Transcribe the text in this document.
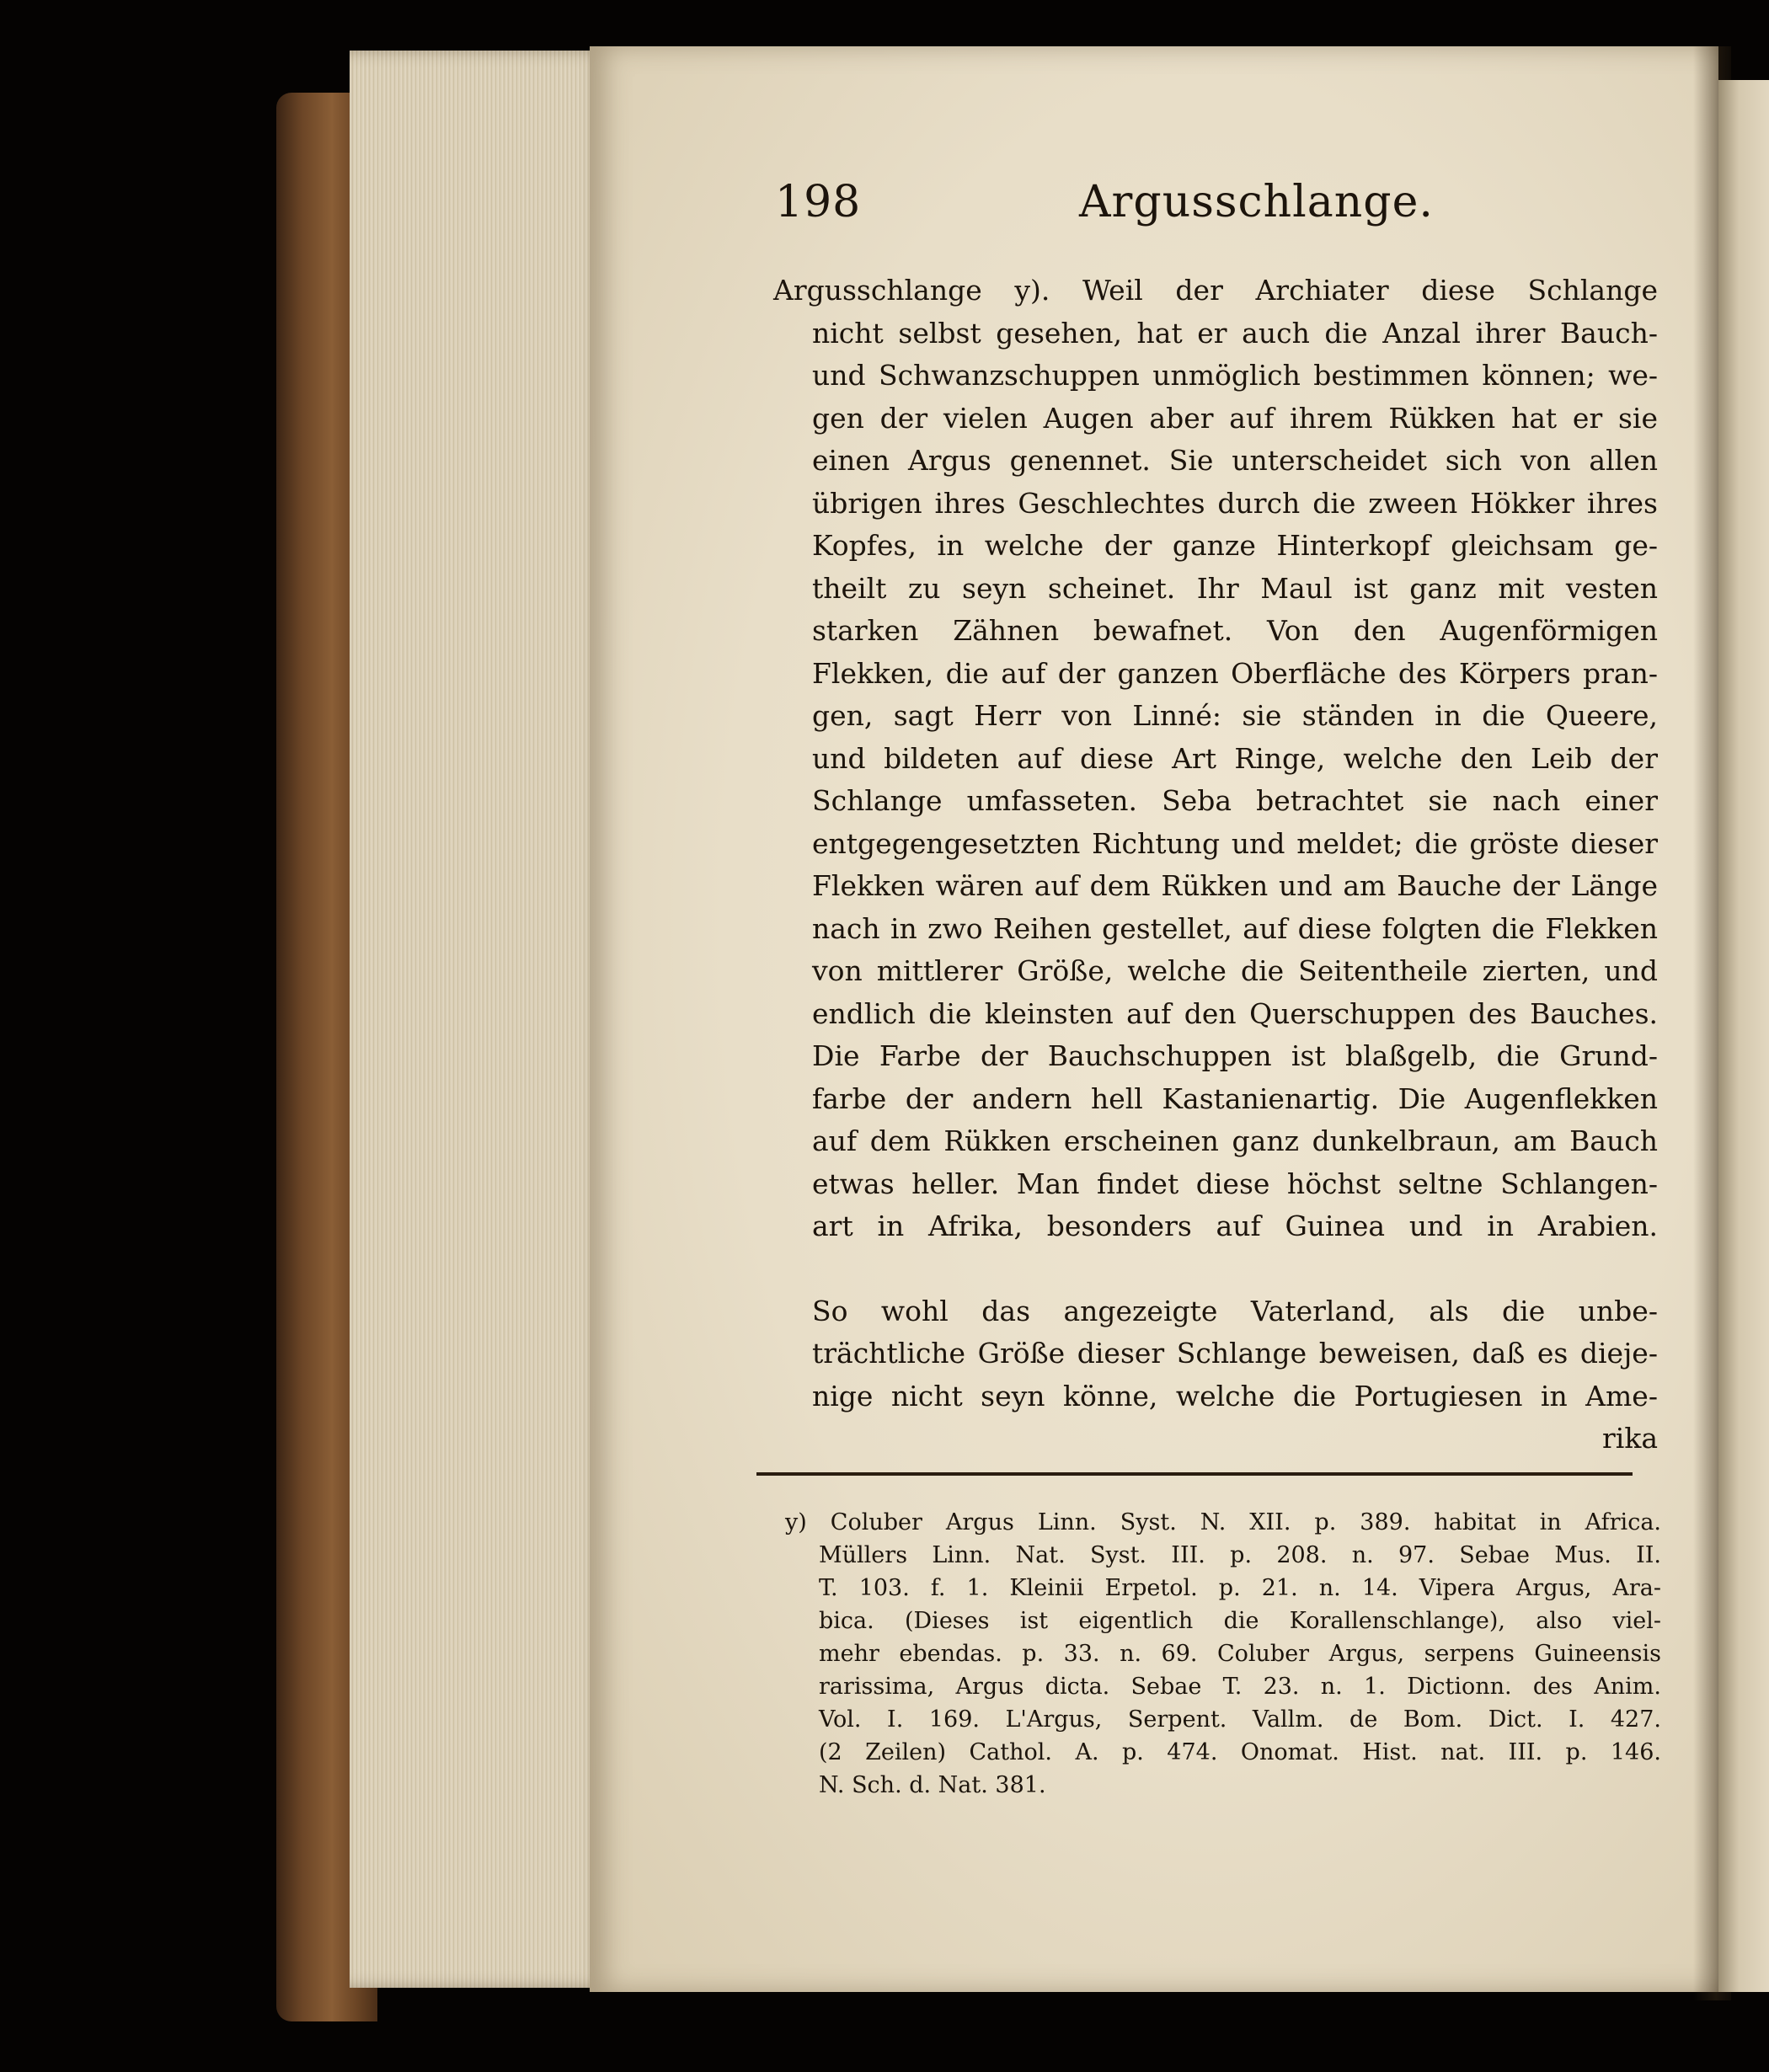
198	Argusschlange.
Argusschlange y). Weil der Archiater diese Schlange
nicht selbst gesehen, hat er auch die Anzal ihrer Bauch-
und Schwanzschuppen unmöglich bestimmen können; we-
gen der vielen Augen aber auf ihrem Rükken hat er sie
einen Argus genennet. Sie unterscheidet sich von allen
übrigen ihres Geschlechtes durch die zween Hökker ihres
Kopfes, in welche der ganze Hinterkopf gleichsam ge-
theilt zu seyn scheinet. Ihr Maul ist ganz mit vesten
starken Zähnen bewafnet. Von den Augenförmigen
Flekken, die auf der ganzen Oberfläche des Körpers pran-
gen, sagt Herr von Linné: sie ständen in die Queere,
und bildeten auf diese Art Ringe, welche den Leib der
Schlange umfasseten. Seba betrachtet sie nach einer
entgegengesetzten Richtung und meldet; die gröste dieser
Flekken wären auf dem Rükken und am Bauche der Länge
nach in zwo Reihen gestellet, auf diese folgten die Flekken
von mittlerer Größe, welche die Seitentheile zierten, und
endlich die kleinsten auf den Querschuppen des Bauches.
Die Farbe der Bauchschuppen ist blaßgelb, die Grund-
farbe der andern hell Kastanienartig. Die Augenflekken
auf dem Rükken erscheinen ganz dunkelbraun, am Bauch
etwas heller. Man findet diese höchst seltne Schlangen-
art in Afrika, besonders auf Guinea und in Arabien.
So wohl das angezeigte Vaterland, als die unbe-
trächtliche Größe dieser Schlange beweisen, daß es dieje-
nige nicht seyn könne, welche die Portugiesen in Ame-
rika
y) Coluber Argus Linn. Syst. N. XII. p. 389. habitat in Africa.
Müllers Linn. Nat. Syst. III. p. 208. n. 97. Sebae Mus. II.
T. 103. f. 1. Kleinii Erpetol. p. 21. n. 14. Vipera Argus, Ara-
bica. (Dieses ist eigentlich die Korallenschlange), also viel-
mehr ebendas. p. 33. n. 69. Coluber Argus, serpens Guineensis
rarissima, Argus dicta. Sebae T. 23. n. 1. Dictionn. des Anim.
Vol. I. 169. L'Argus, Serpent. Vallm. de Bom. Dict. I. 427.
(2 Zeilen) Cathol. A. p. 474. Onomat. Hist. nat. III. p. 146.
N. Sch. d. Nat. 381.
